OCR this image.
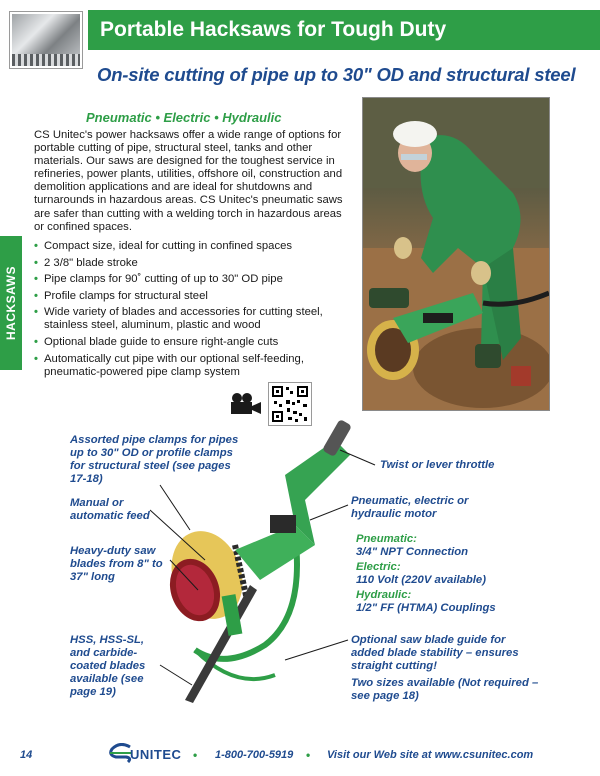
Portable Hacksaws for Tough Duty
On-site cutting of pipe up to 30" OD and structural steel
HACKSAWS
Pneumatic • Electric • Hydraulic
CS Unitec's power hacksaws offer a wide range of options for portable cutting of pipe, structural steel, tanks and other materials. Our saws are designed for the toughest service in refineries, power plants, utilities, offshore oil, construction and demolition applications and are ideal for shutdowns and turnarounds in hazardous areas. CS Unitec's pneumatic saws are safer than cutting with a welding torch in hazardous areas or confined spaces.
• Compact size, ideal for cutting in confined spaces
• 2 3/8" blade stroke
• Pipe clamps for 90˚ cutting of up to 30" OD pipe
• Profile clamps for structural steel
• Wide variety of blades and accessories for cutting steel, stainless steel, aluminum, plastic and wood
• Optional blade guide to ensure right-angle cuts
• Automatically cut pipe with our optional self-feeding, pneumatic-powered pipe clamp system
Assorted pipe clamps for pipes up to 30" OD or profile clamps for structural steel (see pages 17-18)
Manual or automatic feed
Heavy-duty saw blades from 8" to 37" long
HSS, HSS-SL, and carbide-coated blades available (see page 19)
Twist or lever throttle
Pneumatic, electric or hydraulic motor
Pneumatic:
3/4" NPT Connection
Electric:
110 Volt (220V available)
Hydraulic:
1/2" FF (HTMA) Couplings
Optional saw blade guide for added blade stability – ensures straight cutting!
Two sizes available (Not required – see page 18)
14	UNITEC • 1-800-700-5919 • Visit our Web site at www.csunitec.com
